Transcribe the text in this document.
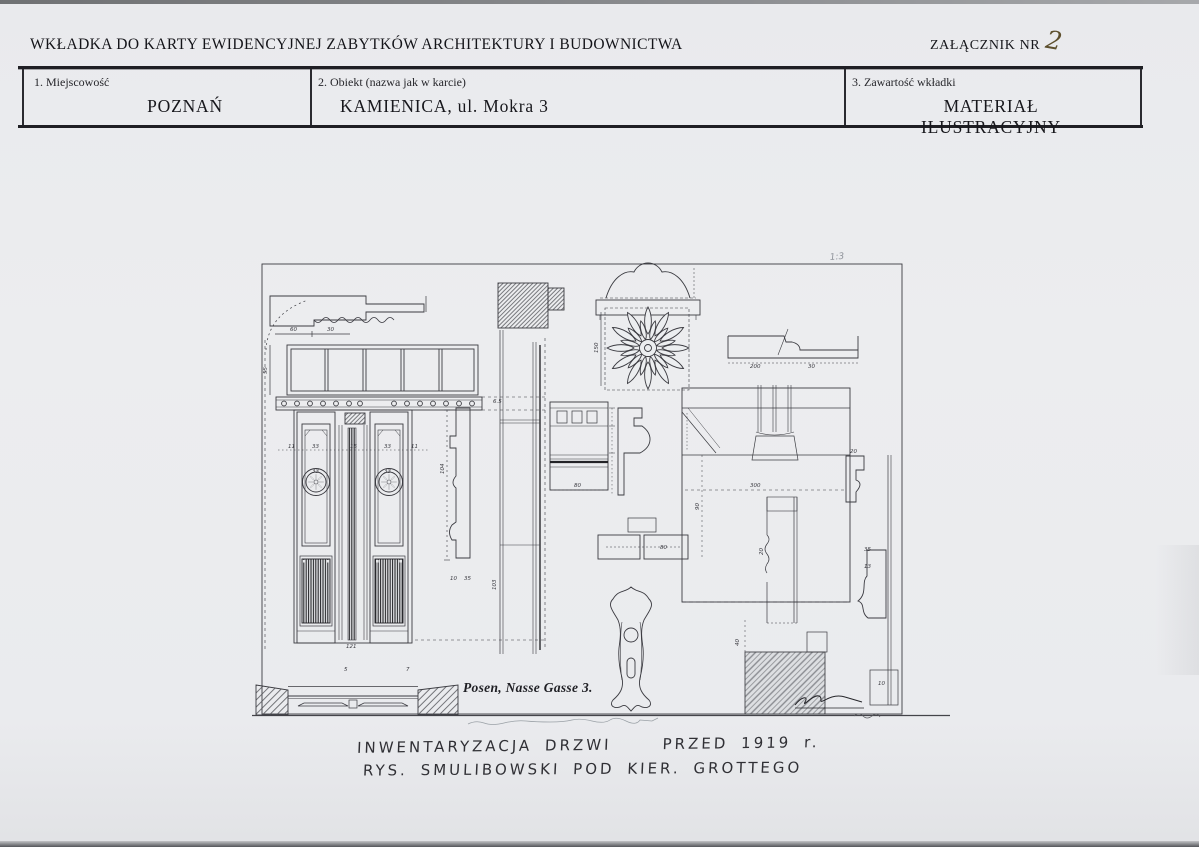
WKŁADKA DO KARTY EWIDENCYJNEJ ZABYTKÓW ARCHITEKTURY I BUDOWNICTWA	ZAŁĄCZNIK NR 2
1. Miejscowość	2. Obiekt (nazwa jak w karcie)	3. Zawartość wkładki
POZNAŃ	KAMIENICA, ul. Mokra 3	MATERIAŁ ILUSTRACYJNY
60	30
55
6.5
11	33	15	33	11
33	33
121
103
104
10 35
80
150
80
300
90
20	35
13
40
200	30
10
5	7
20
Posen, Nasse Gasse 3.
1:3
INWENTARYZACJA DRZWI    PRZED 1919 r.
RYS. SMULIBOWSKI POD KIER. GROTTEGO
